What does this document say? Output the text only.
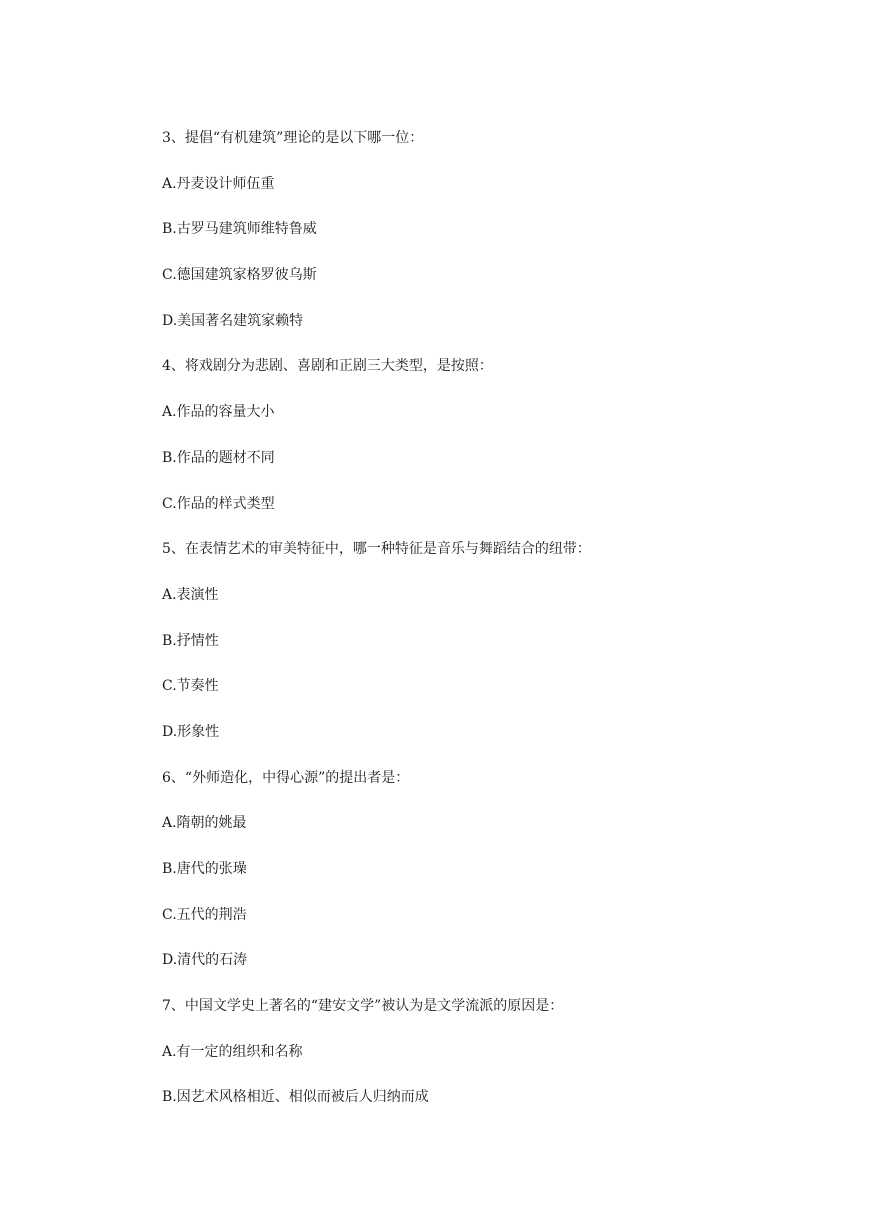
3、提倡“有机建筑”理论的是以下哪一位：

A.丹麦设计师伍重

B.古罗马建筑师维特鲁威

C.德国建筑家格罗彼乌斯

D.美国著名建筑家赖特

4、将戏剧分为悲剧、喜剧和正剧三大类型，是按照：

A.作品的容量大小

B.作品的题材不同

C.作品的样式类型

5、在表情艺术的审美特征中，哪一种特征是音乐与舞蹈结合的纽带：

A.表演性

B.抒情性

C.节奏性

D.形象性

6、“外师造化，中得心源”的提出者是：

A.隋朝的姚最

B.唐代的张璪

C.五代的荆浩

D.清代的石涛

7、中国文学史上著名的“建安文学”被认为是文学流派的原因是：

A.有一定的组织和名称

B.因艺术风格相近、相似而被后人归纳而成
